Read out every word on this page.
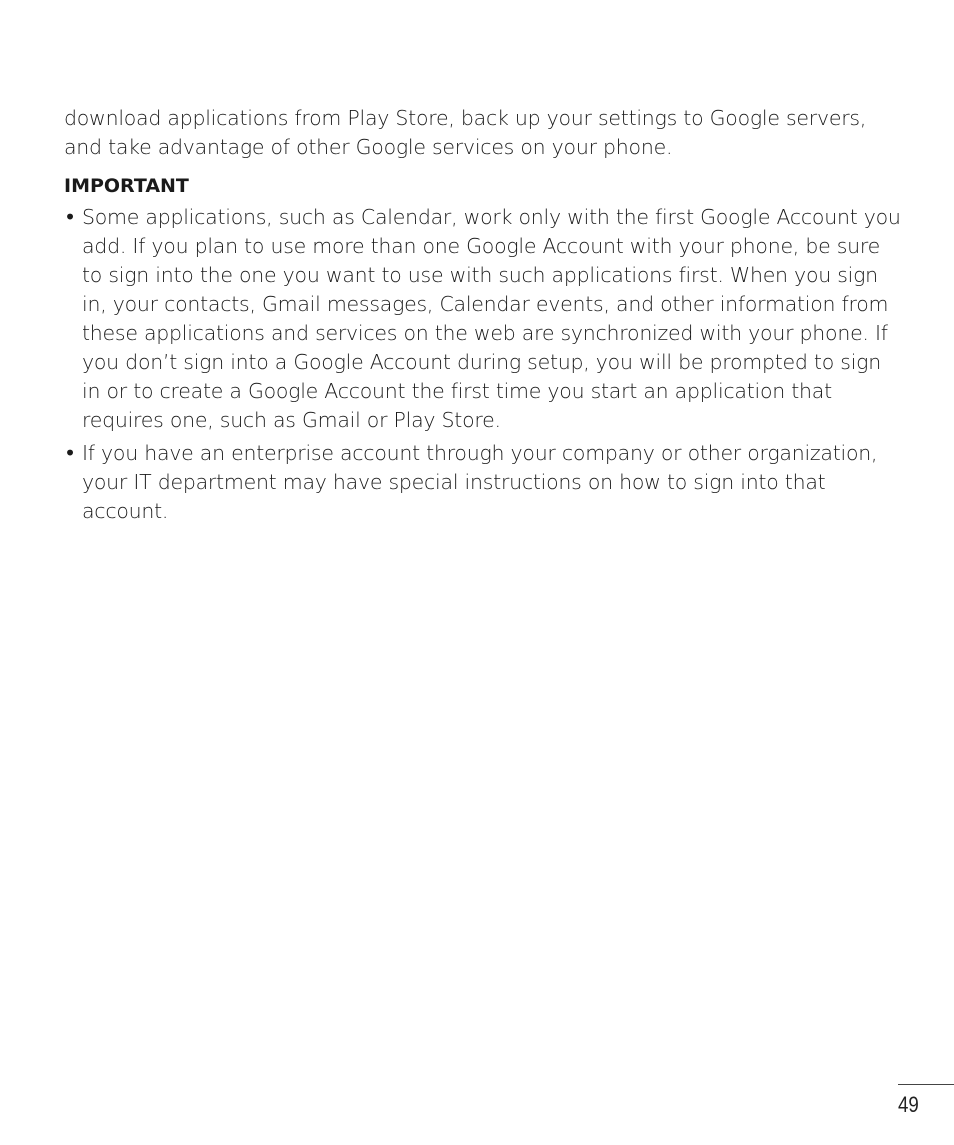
download applications from Play Store, back up your settings to Google servers, and take advantage of other Google services on your phone.

IMPORTANT
• Some applications, such as Calendar, work only with the first Google Account you add. If you plan to use more than one Google Account with your phone, be sure to sign into the one you want to use with such applications first. When you sign in, your contacts, Gmail messages, Calendar events, and other information from these applications and services on the web are synchronized with your phone. If you don’t sign into a Google Account during setup, you will be prompted to sign in or to create a Google Account the first time you start an application that requires one, such as Gmail or Play Store.
• If you have an enterprise account through your company or other organization, your IT department may have special instructions on how to sign into that account.
49
